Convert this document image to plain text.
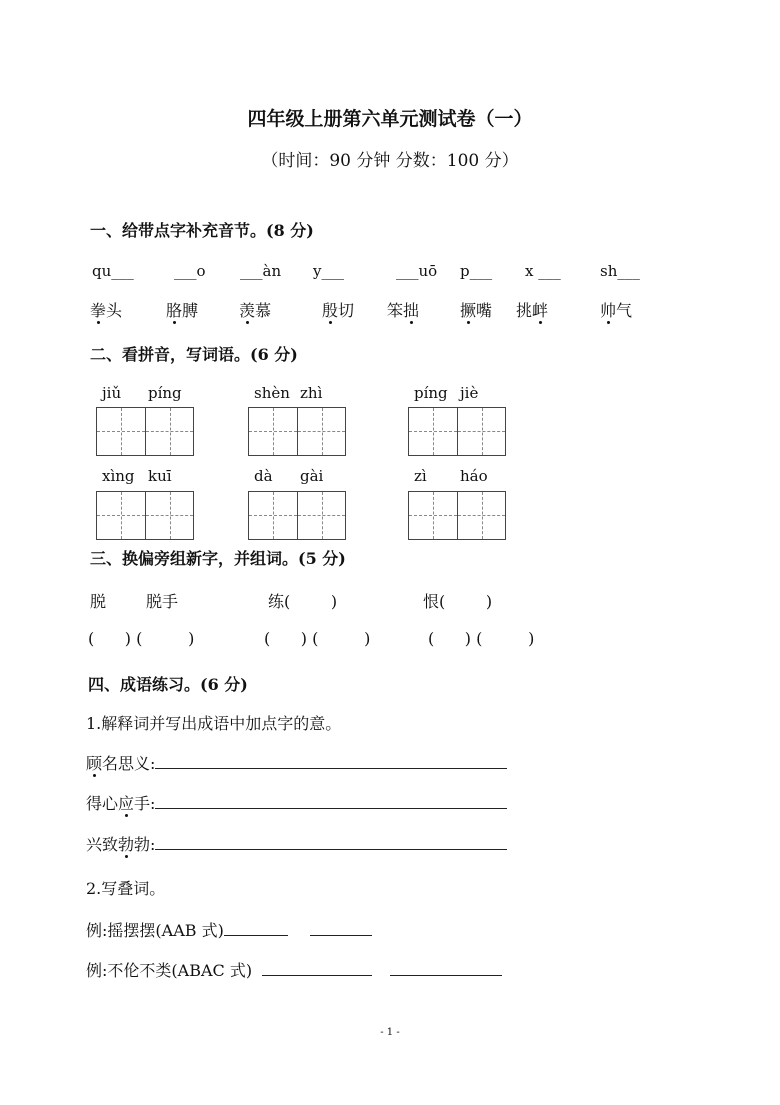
四年级上册第六单元测试卷（一）
（时间：90 分钟 分数：100 分）
一、给带点字补充音节。(8 分)
二、看拼音，写词语。(6 分)
三、换偏旁组新字，并组词。(5 分)
脱 脱手	练(        )	恨(        )
(      ) (         )	(      ) (         )	(      ) (         )
四、成语练习。(6 分)
1.解释词并写出成语中加点字的意。
2.写叠词。
例:摇摆摆(AAB 式)
例:不伦不类(ABAC 式)
- 1 -
qu___	___o ___àn y___	___uō p___ x ___	sh___
拳头	胳膊	羡慕	殷切 笨拙	撅嘴 挑衅	帅气
jiǔ píng	shèn zhì	píng jiè
xìng kuī	dà gài	zì háo
顾名思义:
得心应手:
兴致勃勃:
